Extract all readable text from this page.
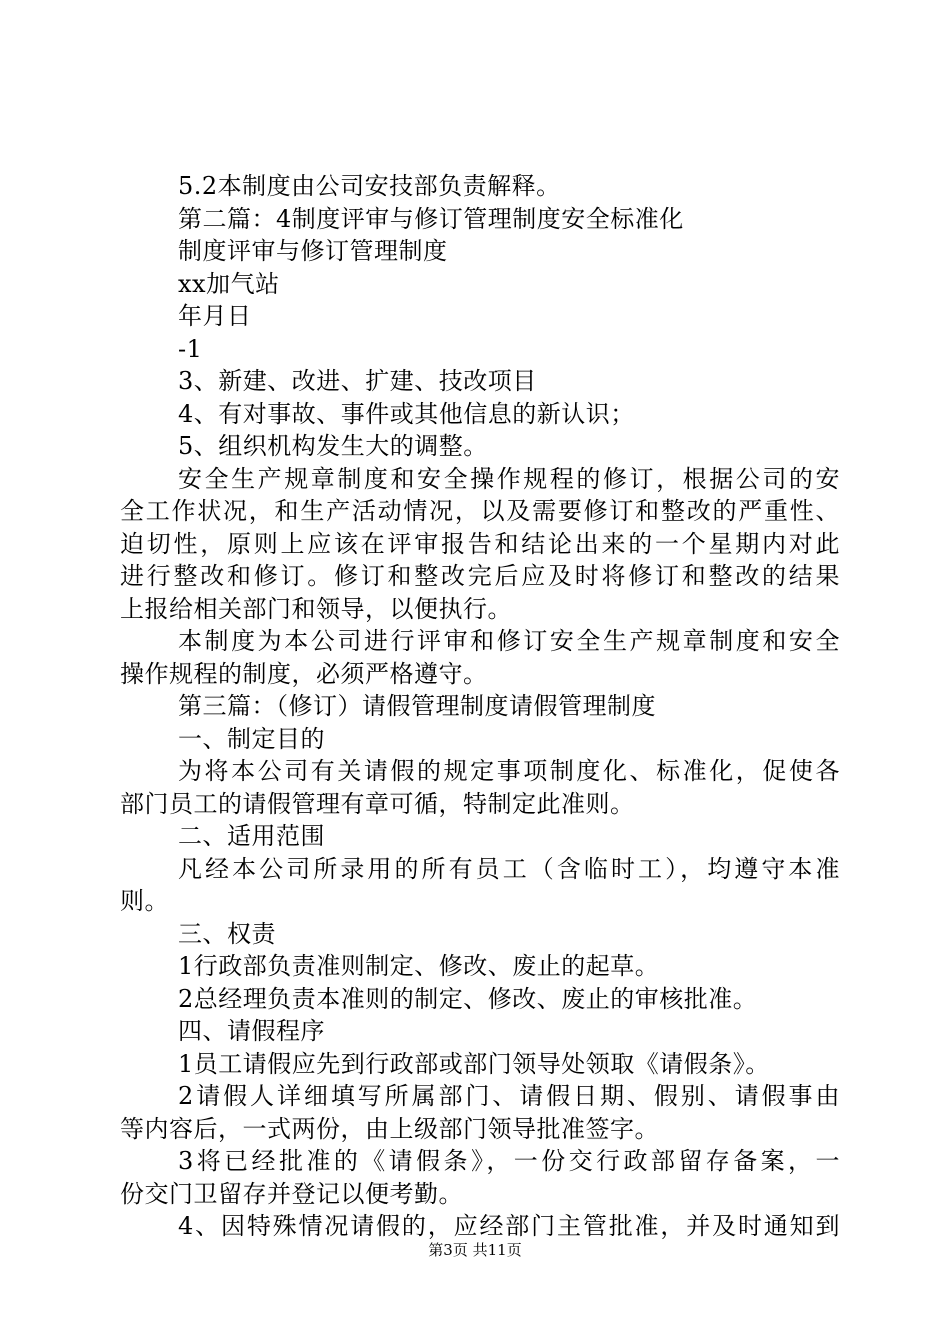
5.2本制度由公司安技部负责解释。
第二篇：4制度评审与修订管理制度安全标准化
制度评审与修订管理制度
xx加气站
年月日
-1
3、新建、改进、扩建、技改项目
4、有对事故、事件或其他信息的新认识；
5、组织机构发生大的调整。
安全生产规章制度和安全操作规程的修订，根据公司的安
全工作状况，和生产活动情况，以及需要修订和整改的严重性、
迫切性，原则上应该在评审报告和结论出来的一个星期内对此
进行整改和修订。修订和整改完后应及时将修订和整改的结果
上报给相关部门和领导，以便执行。
本制度为本公司进行评审和修订安全生产规章制度和安全
操作规程的制度，必须严格遵守。
第三篇：（修订）请假管理制度请假管理制度
一、制定目的
为将本公司有关请假的规定事项制度化、标准化，促使各
部门员工的请假管理有章可循，特制定此准则。
二、适用范围
凡经本公司所录用的所有员工（含临时工），均遵守本准
则。
三、权责
1行政部负责准则制定、修改、废止的起草。
2总经理负责本准则的制定、修改、废止的审核批准。
四、请假程序
1员工请假应先到行政部或部门领导处领取《请假条》。
2请假人详细填写所属部门、请假日期、假别、请假事由
等内容后，一式两份，由上级部门领导批准签字。
3将已经批准的《请假条》，一份交行政部留存备案，一
份交门卫留存并登记以便考勤。
4、因特殊情况请假的，应经部门主管批准，并及时通知到
第3页 共11页
